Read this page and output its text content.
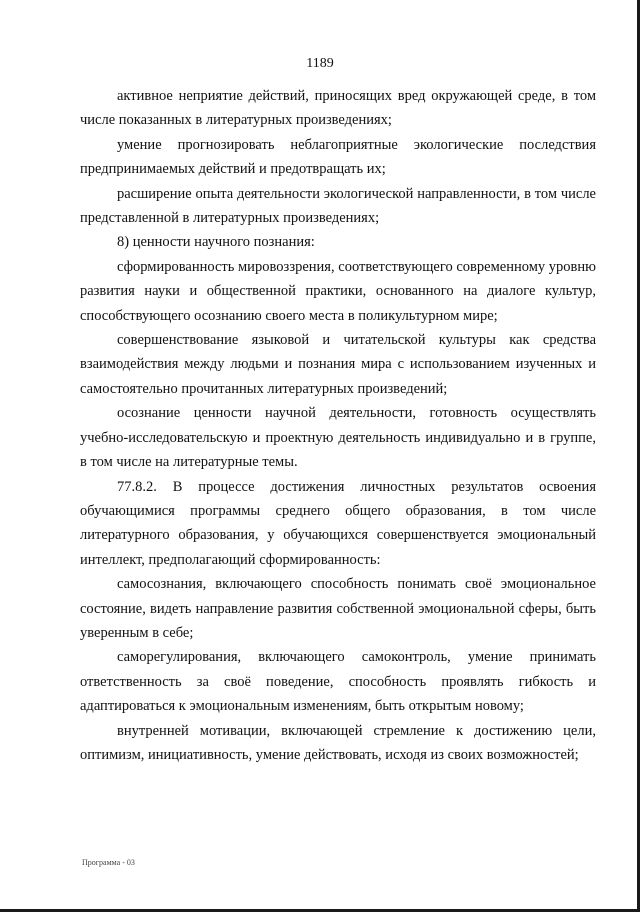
1189

активное неприятие действий, приносящих вред окружающей среде, в том числе показанных в литературных произведениях;

умение прогнозировать неблагоприятные экологические последствия предпринимаемых действий и предотвращать их;

расширение опыта деятельности экологической направленности, в том числе представленной в литературных произведениях;

8) ценности научного познания:

сформированность мировоззрения, соответствующего современному уровню развития науки и общественной практики, основанного на диалоге культур, способствующего осознанию своего места в поликультурном мире;

совершенствование языковой и читательской культуры как средства взаимодействия между людьми и познания мира с использованием изученных и самостоятельно прочитанных литературных произведений;

осознание ценности научной деятельности, готовность осуществлять учебно-исследовательскую и проектную деятельность индивидуально и в группе, в том числе на литературные темы.

77.8.2. В процессе достижения личностных результатов освоения обучающимися программы среднего общего образования, в том числе литературного образования, у обучающихся совершенствуется эмоциональный интеллект, предполагающий сформированность:

самосознания, включающего способность понимать своё эмоциональное состояние, видеть направление развития собственной эмоциональной сферы, быть уверенным в себе;

саморегулирования, включающего самоконтроль, умение принимать ответственность за своё поведение, способность проявлять гибкость и адаптироваться к эмоциональным изменениям, быть открытым новому;

внутренней мотивации, включающей стремление к достижению цели, оптимизм, инициативность, умение действовать, исходя из своих возможностей;

Программа - 03
